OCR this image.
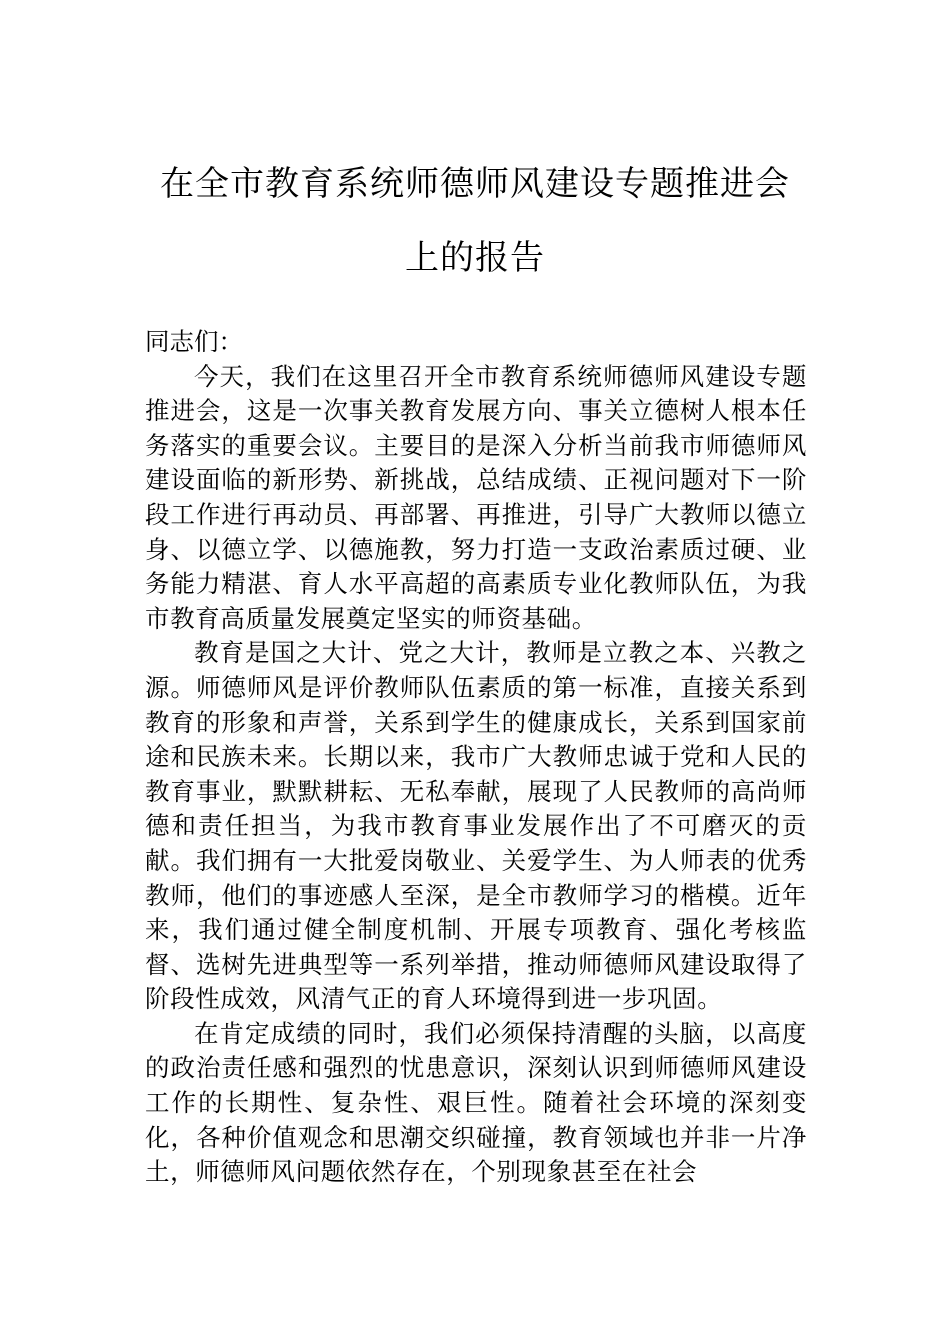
在全市教育系统师德师风建设专题推进会

上的报告

同志们：

今天，我们在这里召开全市教育系统师德师风建设专题推进会，这是一次事关教育发展方向、事关立德树人根本任务落实的重要会议。主要目的是深入分析当前我市师德师风建设面临的新形势、新挑战，总结成绩、正视问题对下一阶段工作进行再动员、再部署、再推进，引导广大教师以德立身、以德立学、以德施教，努力打造一支政治素质过硬、业务能力精湛、育人水平高超的高素质专业化教师队伍，为我市教育高质量发展奠定坚实的师资基础。

教育是国之大计、党之大计，教师是立教之本、兴教之源。师德师风是评价教师队伍素质的第一标准，直接关系到教育的形象和声誉，关系到学生的健康成长，关系到国家前途和民族未来。长期以来，我市广大教师忠诚于党和人民的教育事业，默默耕耘、无私奉献，展现了人民教师的高尚师德和责任担当，为我市教育事业发展作出了不可磨灭的贡献。我们拥有一大批爱岗敬业、关爱学生、为人师表的优秀教师，他们的事迹感人至深，是全市教师学习的楷模。近年来，我们通过健全制度机制、开展专项教育、强化考核监督、选树先进典型等一系列举措，推动师德师风建设取得了阶段性成效，风清气正的育人环境得到进一步巩固。

在肯定成绩的同时，我们必须保持清醒的头脑，以高度的政治责任感和强烈的忧患意识，深刻认识到师德师风建设工作的长期性、复杂性、艰巨性。随着社会环境的深刻变化，各种价值观念和思潮交织碰撞，教育领域也并非一片净土，师德师风问题依然存在，个别现象甚至在社会
